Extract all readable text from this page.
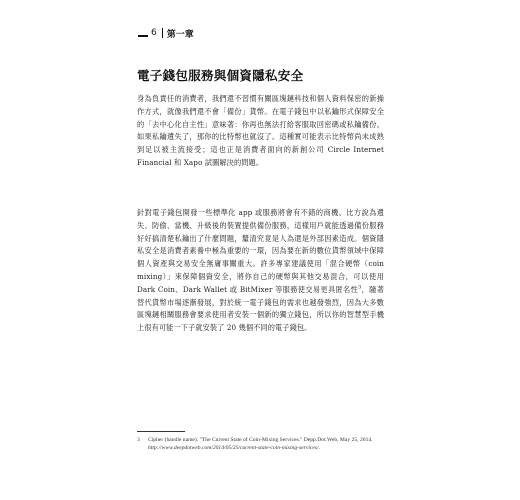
6 第一章
電子錢包服務與個資隱私安全

身為負責任的消費者，我們還不習慣有關區塊鏈科技和個人資料保密的新操作方式，就像我們還不會「備份」貨幣。在電子錢包中以私鑰形式保障安全的「去中心化自主性」意味著：你再也無法打給客服取回密碼或私鑰備份。如果私鑰遺失了，那你的比特幣也就沒了。這種實可能表示比特幣尚未成熟到足以被主流接受；這也正是消費者面向的新創公司 Circle Internet Financial 和 Xapo 試圖解決的問題。

針對電子錢包開發一些標準化 app 或服務將會有不錯的商機。比方說為遺失、防偷、當機、升級後的裝置提供備份服務，這樣用戶就能透過備份服務好好搞清楚私鑰出了什麼問題，釐清究竟是人為還是外部因素造成。個資隱私安全是消費者素養中極為重要的一環，因為要在新的數位貨幣領域中保障個人資產與交易安全無庸事關重大。許多專家建議使用「混合硬幣（coin mixing）」來保障個資安全，將你自己的硬幣與其他交易混合，可以使用 Dark Coin、Dark Wallet 或 BitMixer 等服務使交易更具匿名性$^3$，隨著替代貨幣市場逐漸發展，對於統一電子錢包的需求也越發強烈，因為大多數區塊鏈相關服務會要求使用者安裝一個新的獨立錢包，所以你的智慧型手機上很有可能一下子就安裝了 20 幾個不同的電子錢包。

3	Cipher (handle name). "The Current State of Coin-Mixing Services." Depp.Dot.Web, May 25, 2014. http://www.deepdotweb.com/2014/05/25/current-state-coin-mixing-services/.
